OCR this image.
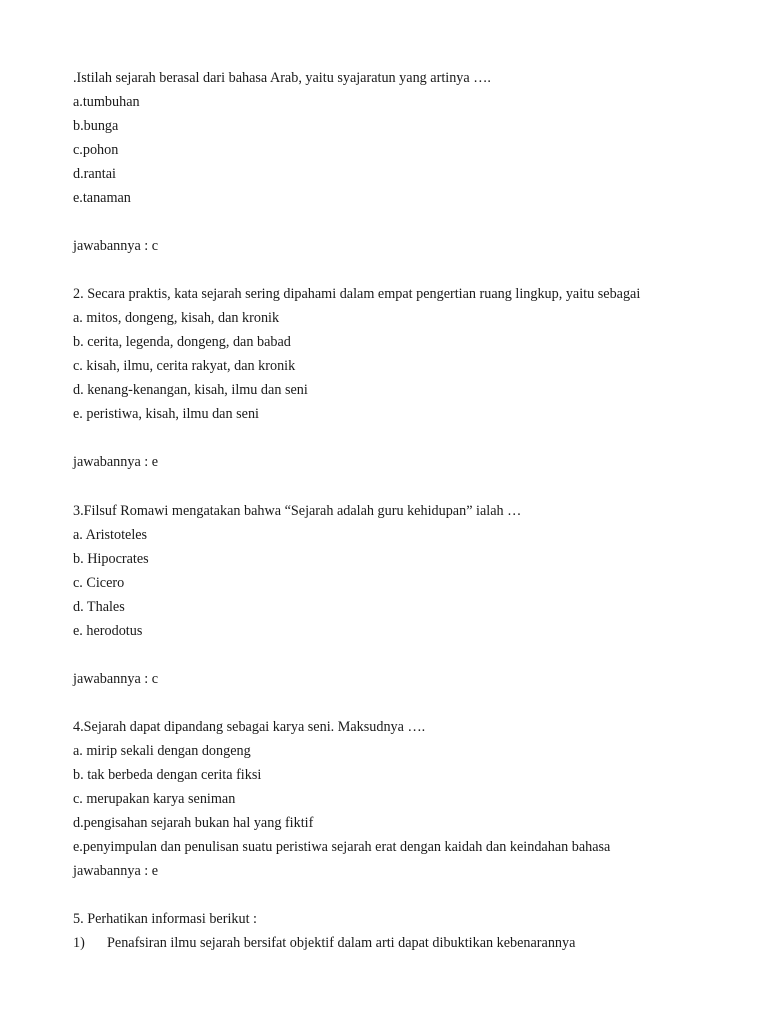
.Istilah sejarah berasal dari bahasa Arab, yaitu syajaratun yang artinya ….
a.tumbuhan
b.bunga
c.pohon
d.rantai
e.tanaman
jawabannya : c
2. Secara praktis, kata sejarah sering dipahami dalam empat pengertian ruang lingkup, yaitu sebagai
a. mitos, dongeng, kisah, dan kronik
b. cerita, legenda, dongeng, dan babad
c. kisah, ilmu, cerita rakyat, dan kronik
d. kenang-kenangan, kisah, ilmu dan seni
e. peristiwa, kisah, ilmu dan seni
jawabannya : e
3.Filsuf Romawi mengatakan bahwa “Sejarah adalah guru kehidupan” ialah …
a. Aristoteles
b. Hipocrates
c. Cicero
d. Thales
e. herodotus
jawabannya : c
4.Sejarah dapat dipandang sebagai karya seni. Maksudnya ….
a. mirip sekali dengan dongeng
b. tak berbeda dengan cerita fiksi
c. merupakan karya seniman
d.pengisahan sejarah bukan hal yang fiktif
e.penyimpulan dan penulisan suatu peristiwa sejarah erat dengan kaidah dan keindahan bahasa
jawabannya : e
5. Perhatikan informasi berikut :
1) Penafsiran ilmu sejarah bersifat objektif dalam arti dapat dibuktikan kebenarannya
